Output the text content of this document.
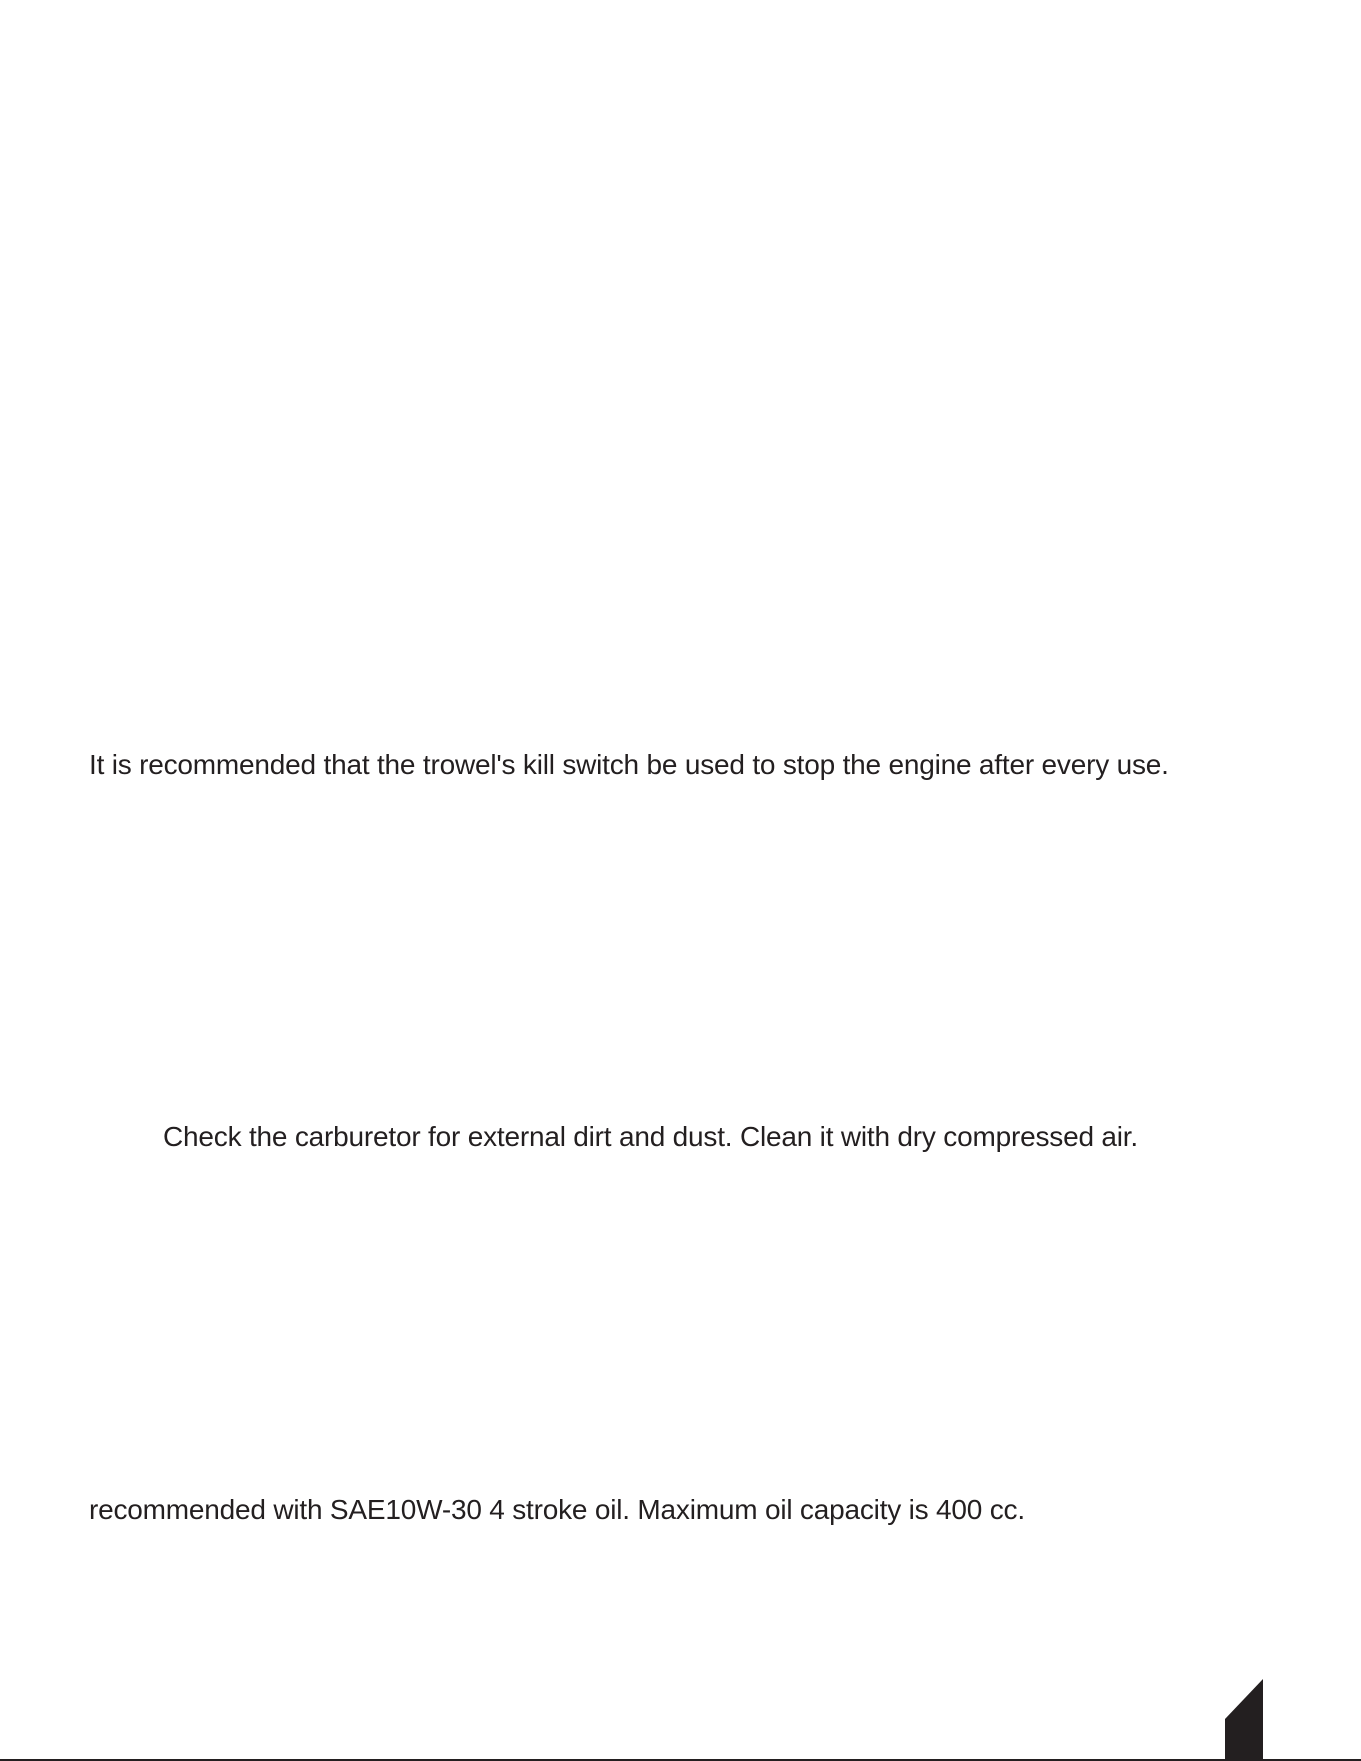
It is recommended that the trowel's kill switch be used to stop the engine after every use.
Check the carburetor for external dirt and dust. Clean it with dry compressed air.
recommended with SAE10W-30 4 stroke oil. Maximum oil capacity is 400 cc.
